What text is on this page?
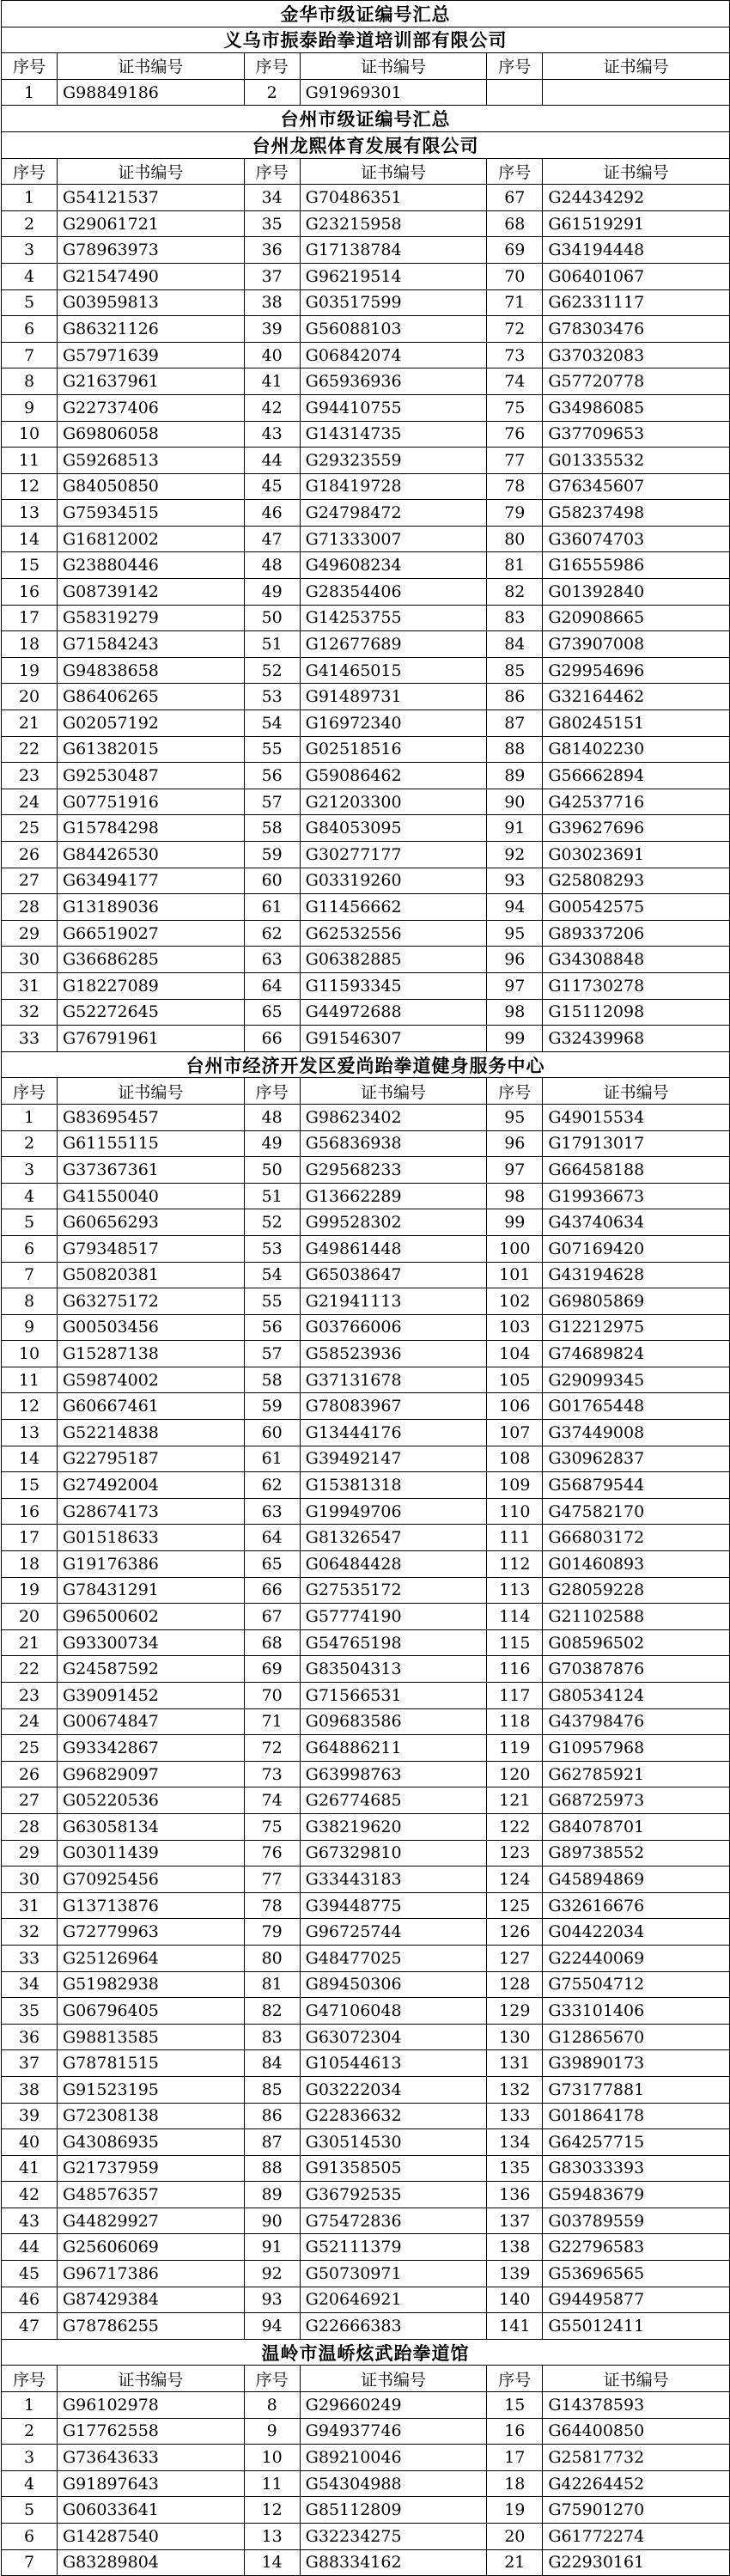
金华市级证编号汇总
义乌市振泰跆拳道培训部有限公司
序号	证书编号	序号	证书编号	序号	证书编号
1	G98849186	2	G91969301
台州市级证编号汇总
台州龙熙体育发展有限公司
序号	证书编号	序号	证书编号	序号	证书编号
1	G54121537	34	G70486351	67	G24434292
2	G29061721	35	G23215958	68	G61519291
3	G78963973	36	G17138784	69	G34194448
4	G21547490	37	G96219514	70	G06401067
5	G03959813	38	G03517599	71	G62331117
6	G86321126	39	G56088103	72	G78303476
7	G57971639	40	G06842074	73	G37032083
8	G21637961	41	G65936936	74	G57720778
9	G22737406	42	G94410755	75	G34986085
10	G69806058	43	G14314735	76	G37709653
11	G59268513	44	G29323559	77	G01335532
12	G84050850	45	G18419728	78	G76345607
13	G75934515	46	G24798472	79	G58237498
14	G16812002	47	G71333007	80	G36074703
15	G23880446	48	G49608234	81	G16555986
16	G08739142	49	G28354406	82	G01392840
17	G58319279	50	G14253755	83	G20908665
18	G71584243	51	G12677689	84	G73907008
19	G94838658	52	G41465015	85	G29954696
20	G86406265	53	G91489731	86	G32164462
21	G02057192	54	G16972340	87	G80245151
22	G61382015	55	G02518516	88	G81402230
23	G92530487	56	G59086462	89	G56662894
24	G07751916	57	G21203300	90	G42537716
25	G15784298	58	G84053095	91	G39627696
26	G84426530	59	G30277177	92	G03023691
27	G63494177	60	G03319260	93	G25808293
28	G13189036	61	G11456662	94	G00542575
29	G66519027	62	G62532556	95	G89337206
30	G36686285	63	G06382885	96	G34308848
31	G18227089	64	G11593345	97	G11730278
32	G52272645	65	G44972688	98	G15112098
33	G76791961	66	G91546307	99	G32439968
台州市经济开发区爱尚跆拳道健身服务中心
序号	证书编号	序号	证书编号	序号	证书编号
1	G83695457	48	G98623402	95	G49015534
2	G61155115	49	G56836938	96	G17913017
3	G37367361	50	G29568233	97	G66458188
4	G41550040	51	G13662289	98	G19936673
5	G60656293	52	G99528302	99	G43740634
6	G79348517	53	G49861448	100	G07169420
7	G50820381	54	G65038647	101	G43194628
8	G63275172	55	G21941113	102	G69805869
9	G00503456	56	G03766006	103	G12212975
10	G15287138	57	G58523936	104	G74689824
11	G59874002	58	G37131678	105	G29099345
12	G60667461	59	G78083967	106	G01765448
13	G52214838	60	G13444176	107	G37449008
14	G22795187	61	G39492147	108	G30962837
15	G27492004	62	G15381318	109	G56879544
16	G28674173	63	G19949706	110	G47582170
17	G01518633	64	G81326547	111	G66803172
18	G19176386	65	G06484428	112	G01460893
19	G78431291	66	G27535172	113	G28059228
20	G96500602	67	G57774190	114	G21102588
21	G93300734	68	G54765198	115	G08596502
22	G24587592	69	G83504313	116	G70387876
23	G39091452	70	G71566531	117	G80534124
24	G00674847	71	G09683586	118	G43798476
25	G93342867	72	G64886211	119	G10957968
26	G96829097	73	G63998763	120	G62785921
27	G05220536	74	G26774685	121	G68725973
28	G63058134	75	G38219620	122	G84078701
29	G03011439	76	G67329810	123	G89738552
30	G70925456	77	G33443183	124	G45894869
31	G13713876	78	G39448775	125	G32616676
32	G72779963	79	G96725744	126	G04422034
33	G25126964	80	G48477025	127	G22440069
34	G51982938	81	G89450306	128	G75504712
35	G06796405	82	G47106048	129	G33101406
36	G98813585	83	G63072304	130	G12865670
37	G78781515	84	G10544613	131	G39890173
38	G91523195	85	G03222034	132	G73177881
39	G72308138	86	G22836632	133	G01864178
40	G43086935	87	G30514530	134	G64257715
41	G21737959	88	G91358505	135	G83033393
42	G48576357	89	G36792535	136	G59483679
43	G44829927	90	G75472836	137	G03789559
44	G25606069	91	G52111379	138	G22796583
45	G96717386	92	G50730971	139	G53696565
46	G87429384	93	G20646921	140	G94495877
47	G78786255	94	G22666383	141	G55012411
温岭市温峤炫武跆拳道馆
序号	证书编号	序号	证书编号	序号	证书编号
1	G96102978	8	G29660249	15	G14378593
2	G17762558	9	G94937746	16	G64400850
3	G73643633	10	G89210046	17	G25817732
4	G91897643	11	G54304988	18	G42264452
5	G06033641	12	G85112809	19	G75901270
6	G14287540	13	G32234275	20	G61772274
7	G83289804	14	G88334162	21	G22930161
